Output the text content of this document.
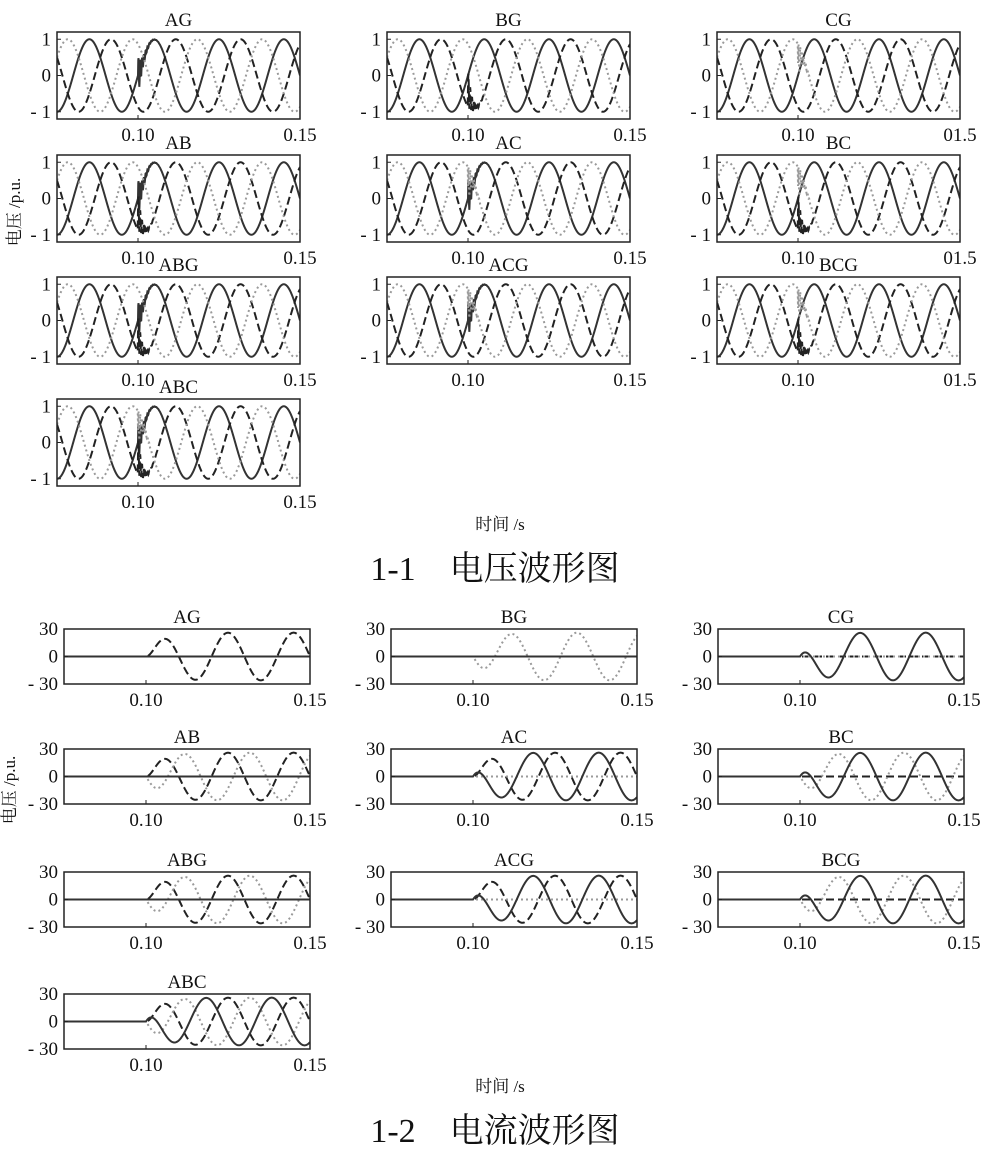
AG
1
0
- 1
0.10	0.15
BG
1
0
- 1
0.10	0.15
CG
1
0
- 1
0.10	01.5
AB
1
0
- 1
0.10	0.15
AC
1
0
- 1
0.10	0.15
BC
1
0
- 1
0.10	01.5
ABG
1
0
- 1
0.10	0.15
ACG
1
0
- 1
0.10	0.15
BCG
1
0
- 1
0.10	01.5
ABC
1
0
- 1
0.10	0.15
AG
30
0
- 30
0.10	0.15
BG
30
0
- 30
0.10	0.15
CG
30
0
- 30
0.10	0.15
AB
30
0
- 30
0.10	0.15
AC
30
0
- 30
0.10	0.15
BC
30
0
- 30
0.10	0.15
ABG
30
0
- 30
0.10	0.15
ACG
30
0
- 30
0.10	0.15
BCG
30
0
- 30
0.10	0.15
ABC
30
0
- 30
0.10	0.15
电压 /p.u.
时间 /s
1-1　电压波形图
电压 /p.u.
时间 /s
1-2　电流波形图
